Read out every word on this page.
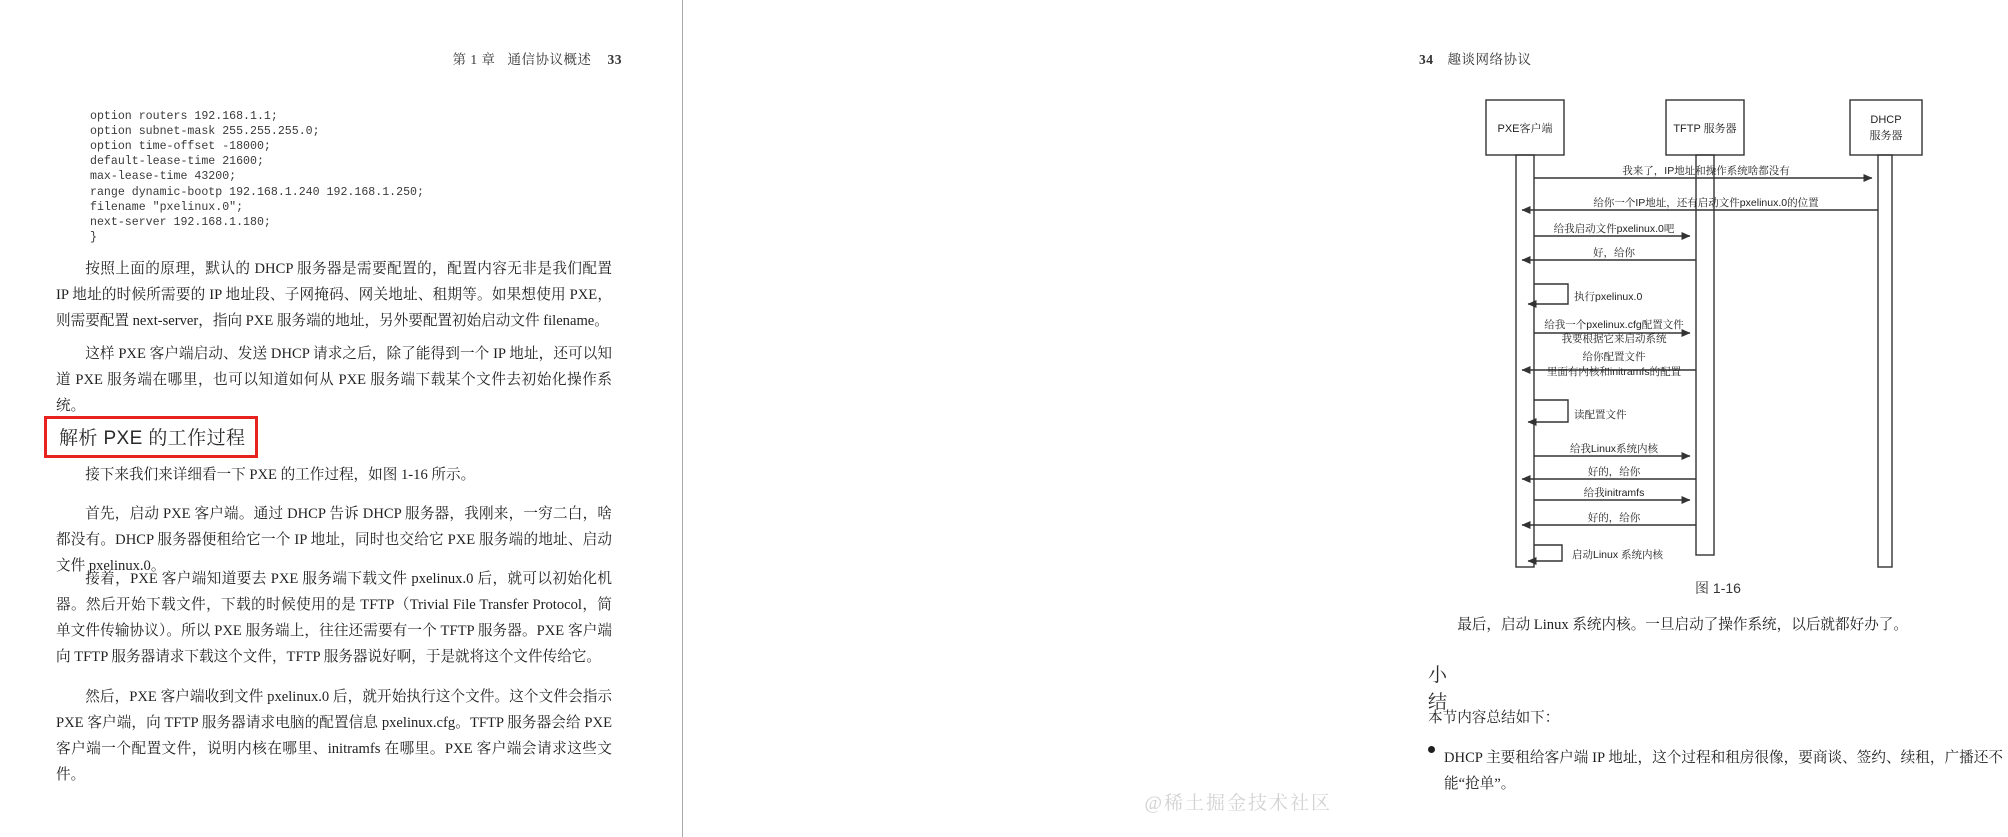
第 1 章 通信协议概述 33
option routers 192.168.1.1;
option subnet-mask 255.255.255.0;
option time-offset -18000;
default-lease-time 21600;
max-lease-time 43200;
range dynamic-bootp 192.168.1.240 192.168.1.250;
filename "pxelinux.0";
next-server 192.168.1.180;
}
按照上面的原理，默认的 DHCP 服务器是需要配置的，配置内容无非是我们配置 IP 地址的时候所需要的 IP 地址段、子网掩码、网关地址、租期等。如果想使用 PXE，则需要配置 next-server，指向 PXE 服务端的地址，另外要配置初始启动文件 filename。
这样 PXE 客户端启动、发送 DHCP 请求之后，除了能得到一个 IP 地址，还可以知道 PXE 服务端在哪里，也可以知道如何从 PXE 服务端下载某个文件去初始化操作系统。
解析 PXE 的工作过程
接下来我们来详细看一下 PXE 的工作过程，如图 1-16 所示。
首先，启动 PXE 客户端。通过 DHCP 告诉 DHCP 服务器，我刚来，一穷二白，啥都没有。DHCP 服务器便租给它一个 IP 地址，同时也交给它 PXE 服务端的地址、启动文件 pxelinux.0。
接着，PXE 客户端知道要去 PXE 服务端下载文件 pxelinux.0 后，就可以初始化机器。然后开始下载文件，下载的时候使用的是 TFTP（Trivial File Transfer Protocol，简单文件传输协议）。所以 PXE 服务端上，往往还需要有一个 TFTP 服务器。PXE 客户端向 TFTP 服务器请求下载这个文件，TFTP 服务器说好啊，于是就将这个文件传给它。
然后，PXE 客户端收到文件 pxelinux.0 后，就开始执行这个文件。这个文件会指示 PXE 客户端，向 TFTP 服务器请求电脑的配置信息 pxelinux.cfg。TFTP 服务器会给 PXE 客户端一个配置文件，说明内核在哪里、initramfs 在哪里。PXE 客户端会请求这些文件。
34 趣谈网络协议
PXE客户端	TFTP 服务器
DHCP
服务器
我来了，IP地址和操作系统啥都没有
给你一个IP地址，还有启动文件pxelinux.0的位置
给我启动文件pxelinux.0吧
好，给你
执行pxelinux.0
给我一个pxelinux.cfg配置文件
我要根据它来启动系统
给你配置文件
里面有内核和initramfs的配置
读配置文件
给我Linux系统内核
好的，给你
给我initramfs
好的，给你
启动Linux 系统内核
图 1-16
最后，启动 Linux 系统内核。一旦启动了操作系统，以后就都好办了。
小结
本节内容总结如下：
DHCP 主要租给客户端 IP 地址，这个过程和租房很像，要商谈、签约、续租，广播还不能“抢单”。
@稀土掘金技术社区
